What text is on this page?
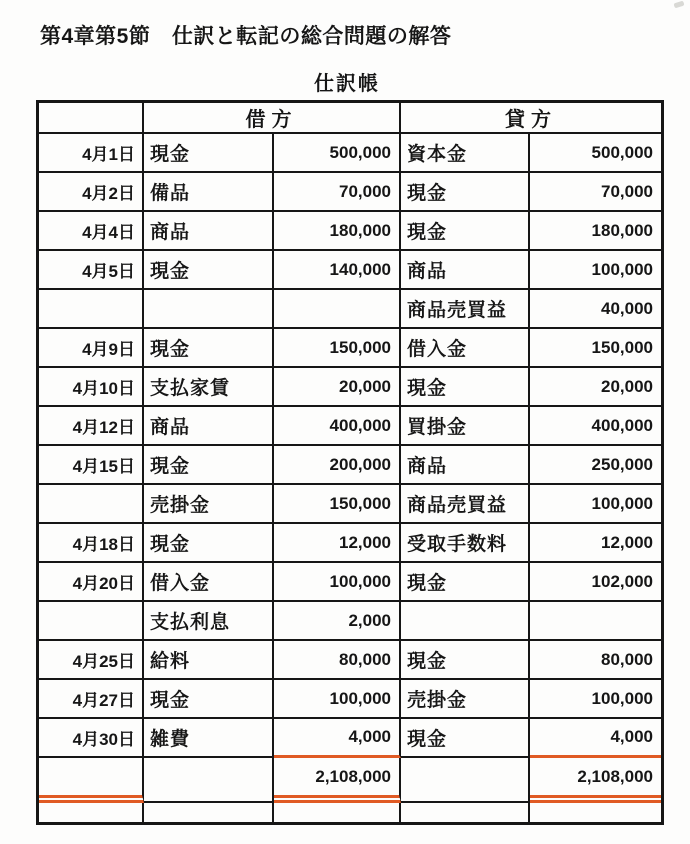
第4章第5節　仕訳と転記の総合問題の解答
仕訳帳
	借方		貸方	
4月1日	現金	500,000	資本金	500,000
4月2日	備品	70,000	現金	70,000
4月4日	商品	180,000	現金	180,000
4月5日	現金	140,000	商品	100,000
			商品売買益	40,000
4月9日	現金	150,000	借入金	150,000
4月10日	支払家賃	20,000	現金	20,000
4月12日	商品	400,000	買掛金	400,000
4月15日	現金	200,000	商品	250,000
	売掛金	150,000	商品売買益	100,000
4月18日	現金	12,000	受取手数料	12,000
4月20日	借入金	100,000	現金	102,000
	支払利息	2,000		
4月25日	給料	80,000	現金	80,000
4月27日	現金	100,000	売掛金	100,000
4月30日	雑費	4,000	現金	4,000
		2,108,000		2,108,000
